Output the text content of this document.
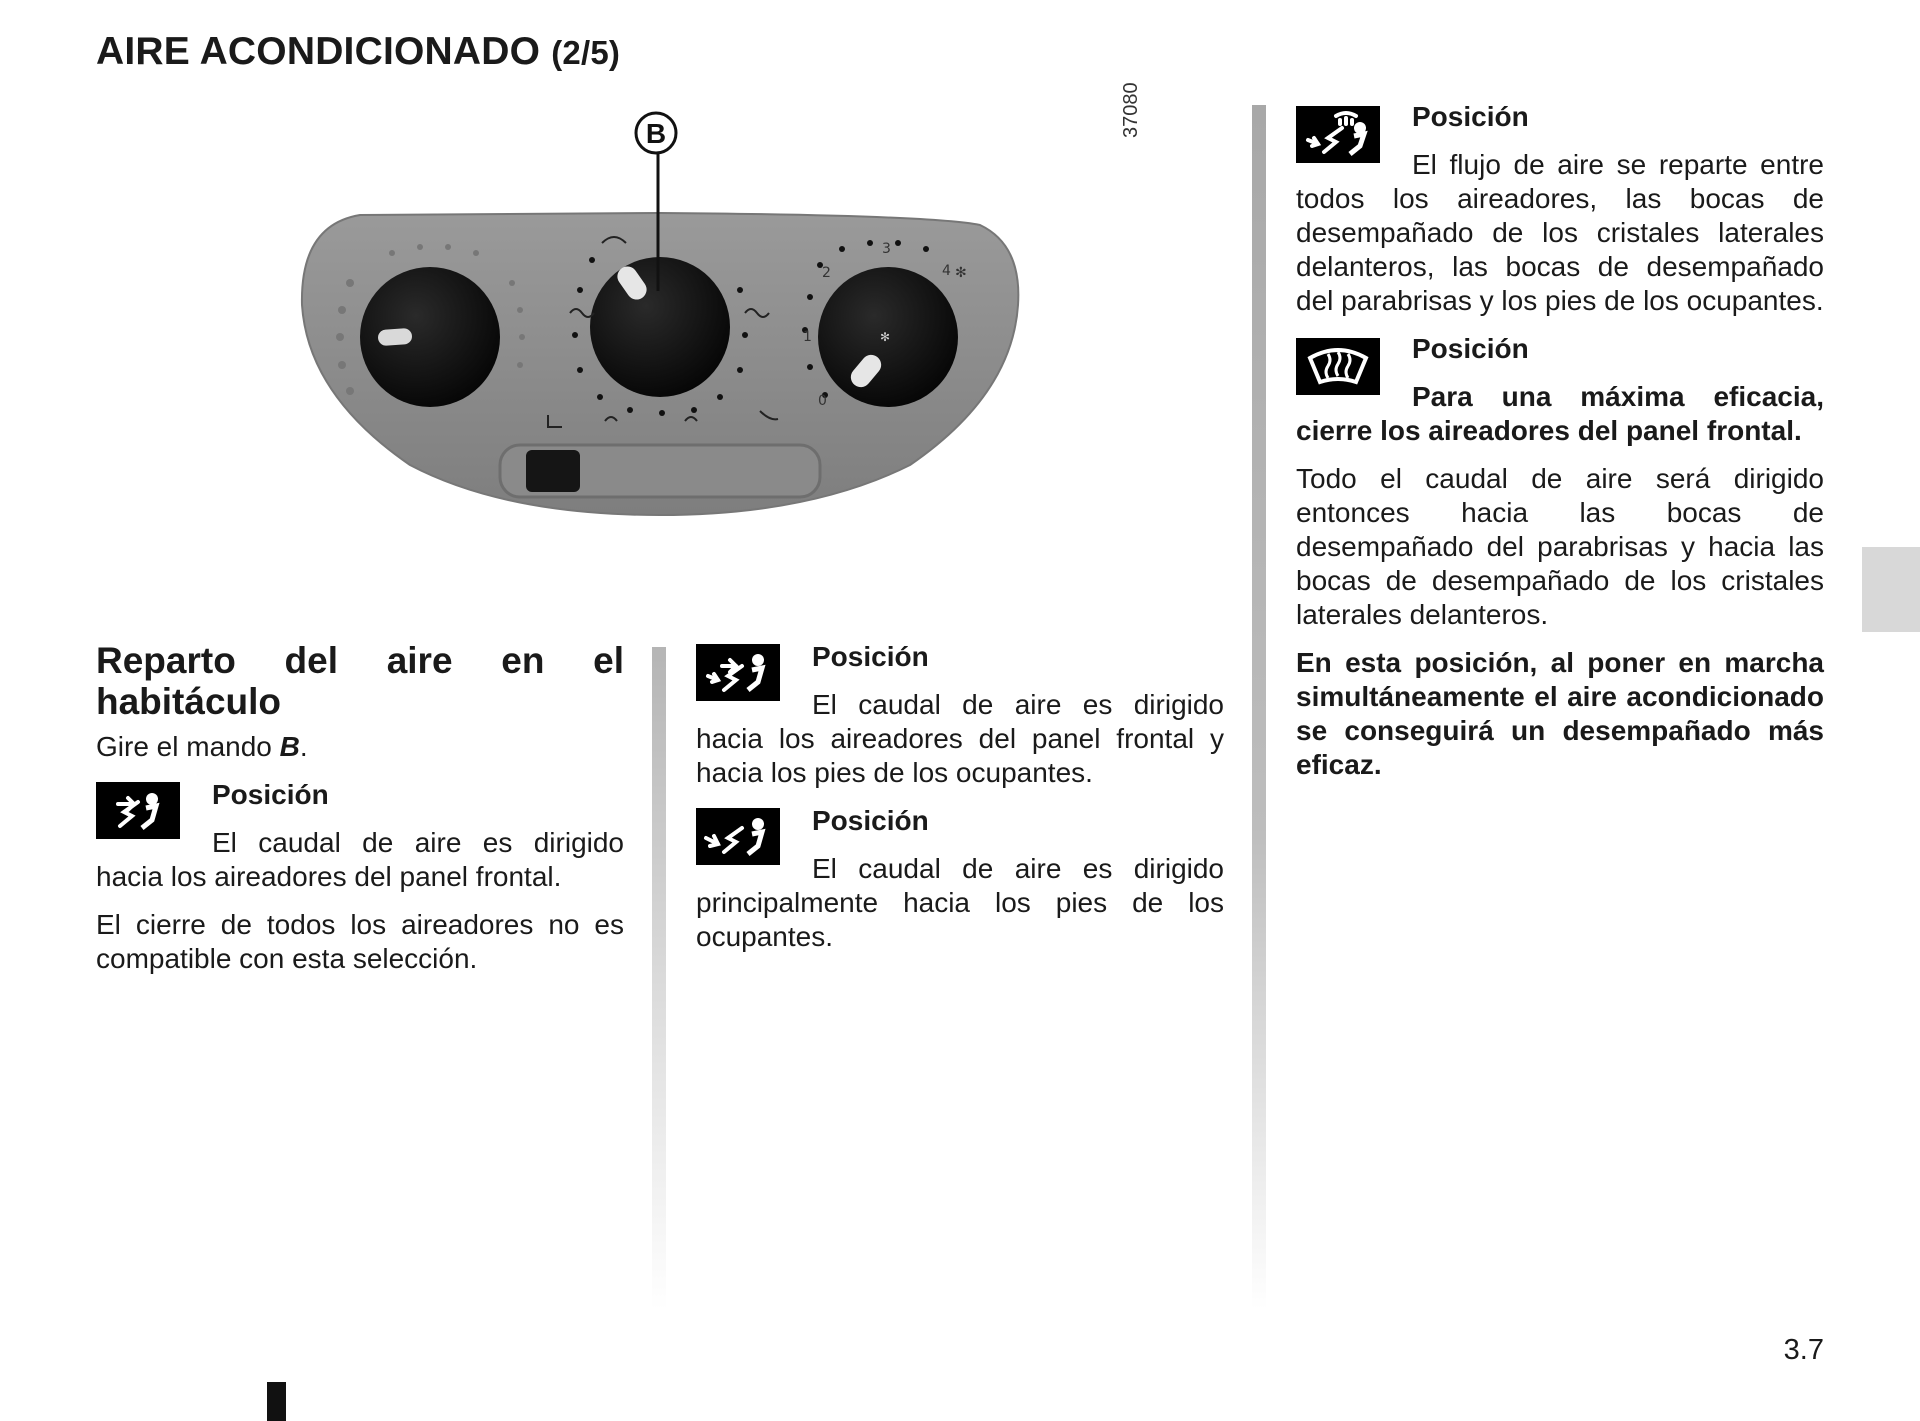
AIRE ACONDICIONADO (2/5)
2
3
4
1
0
✻
✻
B	37080
Reparto del aire en el habitáculo

Gire el mando B.

Posición

El caudal de aire es dirigido hacia los aireadores del panel frontal.

El cierre de todos los aireadores no es compatible con esta selección.

Posición

El caudal de aire es dirigido hacia los aireadores del panel frontal y hacia los pies de los ocupantes.

Posición

El caudal de aire es dirigido principalmente hacia los pies de los ocupantes.

Posición

El flujo de aire se reparte entre todos los aireadores, las bocas de desempañado de los cristales laterales delanteros, las bocas de desempañado del parabrisas y los pies de los ocupantes.

Posición

Para una máxima eficacia, cierre los aireadores del panel frontal.

Todo el caudal de aire será dirigido entonces hacia las bocas de desempañado del parabrisas y hacia las bocas de desempañado de los cristales laterales delanteros.

En esta posición, al poner en marcha simultáneamente el aire acondicionado se conseguirá un desempañado más eficaz.

3.7
